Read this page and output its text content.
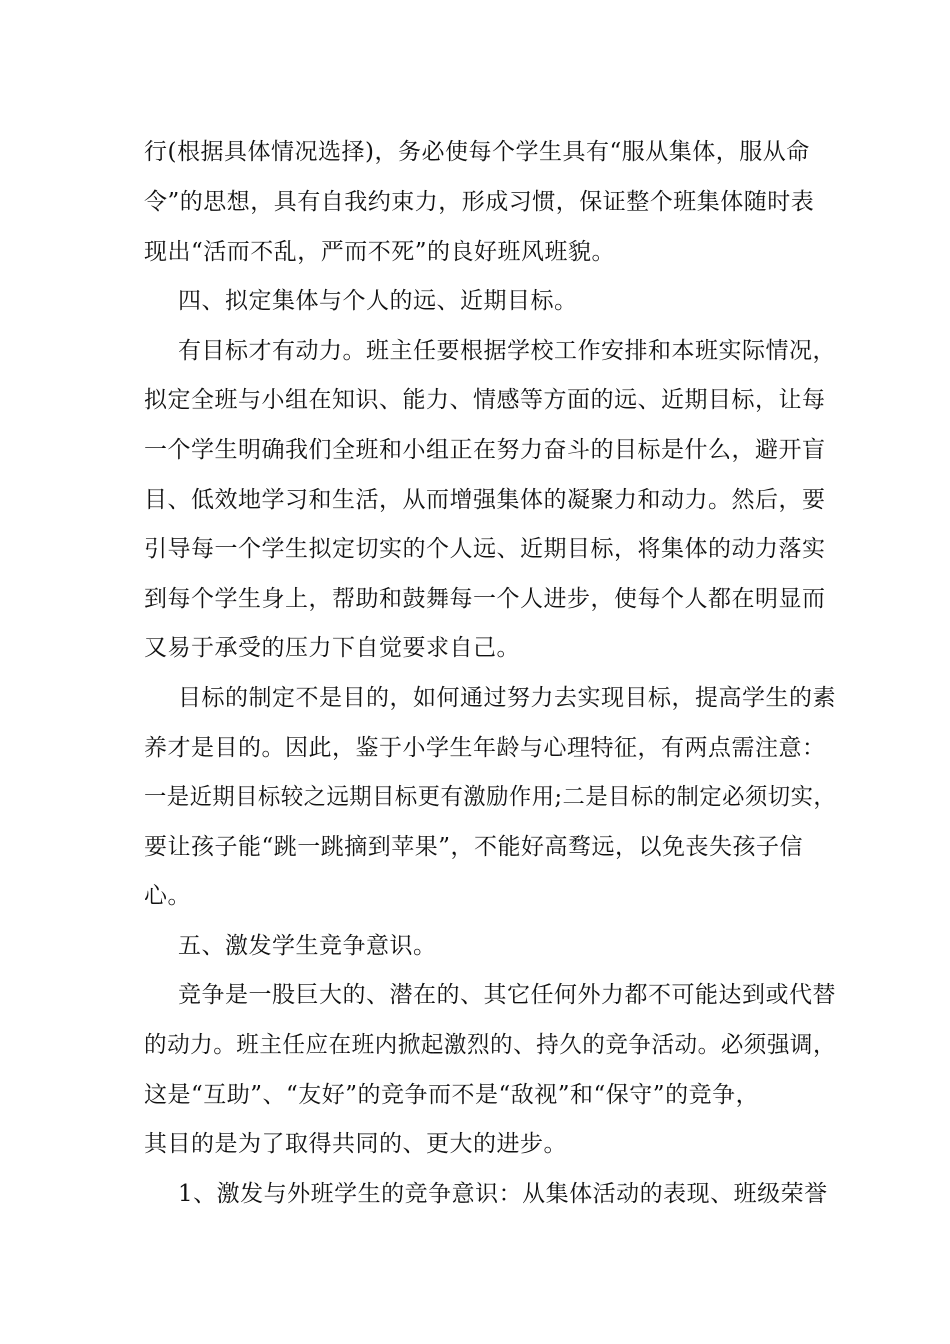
行(根据具体情况选择)，务必使每个学生具有“服从集体，服从命
令”的思想，具有自我约束力，形成习惯，保证整个班集体随时表
现出“活而不乱，严而不死”的良好班风班貌。
四、拟定集体与个人的远、近期目标。
有目标才有动力。班主任要根据学校工作安排和本班实际情况，
拟定全班与小组在知识、能力、情感等方面的远、近期目标，让每
一个学生明确我们全班和小组正在努力奋斗的目标是什么，避开盲
目、低效地学习和生活，从而增强集体的凝聚力和动力。然后，要
引导每一个学生拟定切实的个人远、近期目标，将集体的动力落实
到每个学生身上，帮助和鼓舞每一个人进步，使每个人都在明显而
又易于承受的压力下自觉要求自己。
目标的制定不是目的，如何通过努力去实现目标，提高学生的素
养才是目的。因此，鉴于小学生年龄与心理特征，有两点需注意：
一是近期目标较之远期目标更有激励作用;二是目标的制定必须切实，
要让孩子能“跳一跳摘到苹果”，不能好高骛远，以免丧失孩子信
心。
五、激发学生竞争意识。
竞争是一股巨大的、潜在的、其它任何外力都不可能达到或代替
的动力。班主任应在班内掀起激烈的、持久的竞争活动。必须强调，
这是“互助”、“友好”的竞争而不是“敌视”和“保守”的竞争，
其目的是为了取得共同的、更大的进步。
1、激发与外班学生的竞争意识：从集体活动的表现、班级荣誉
